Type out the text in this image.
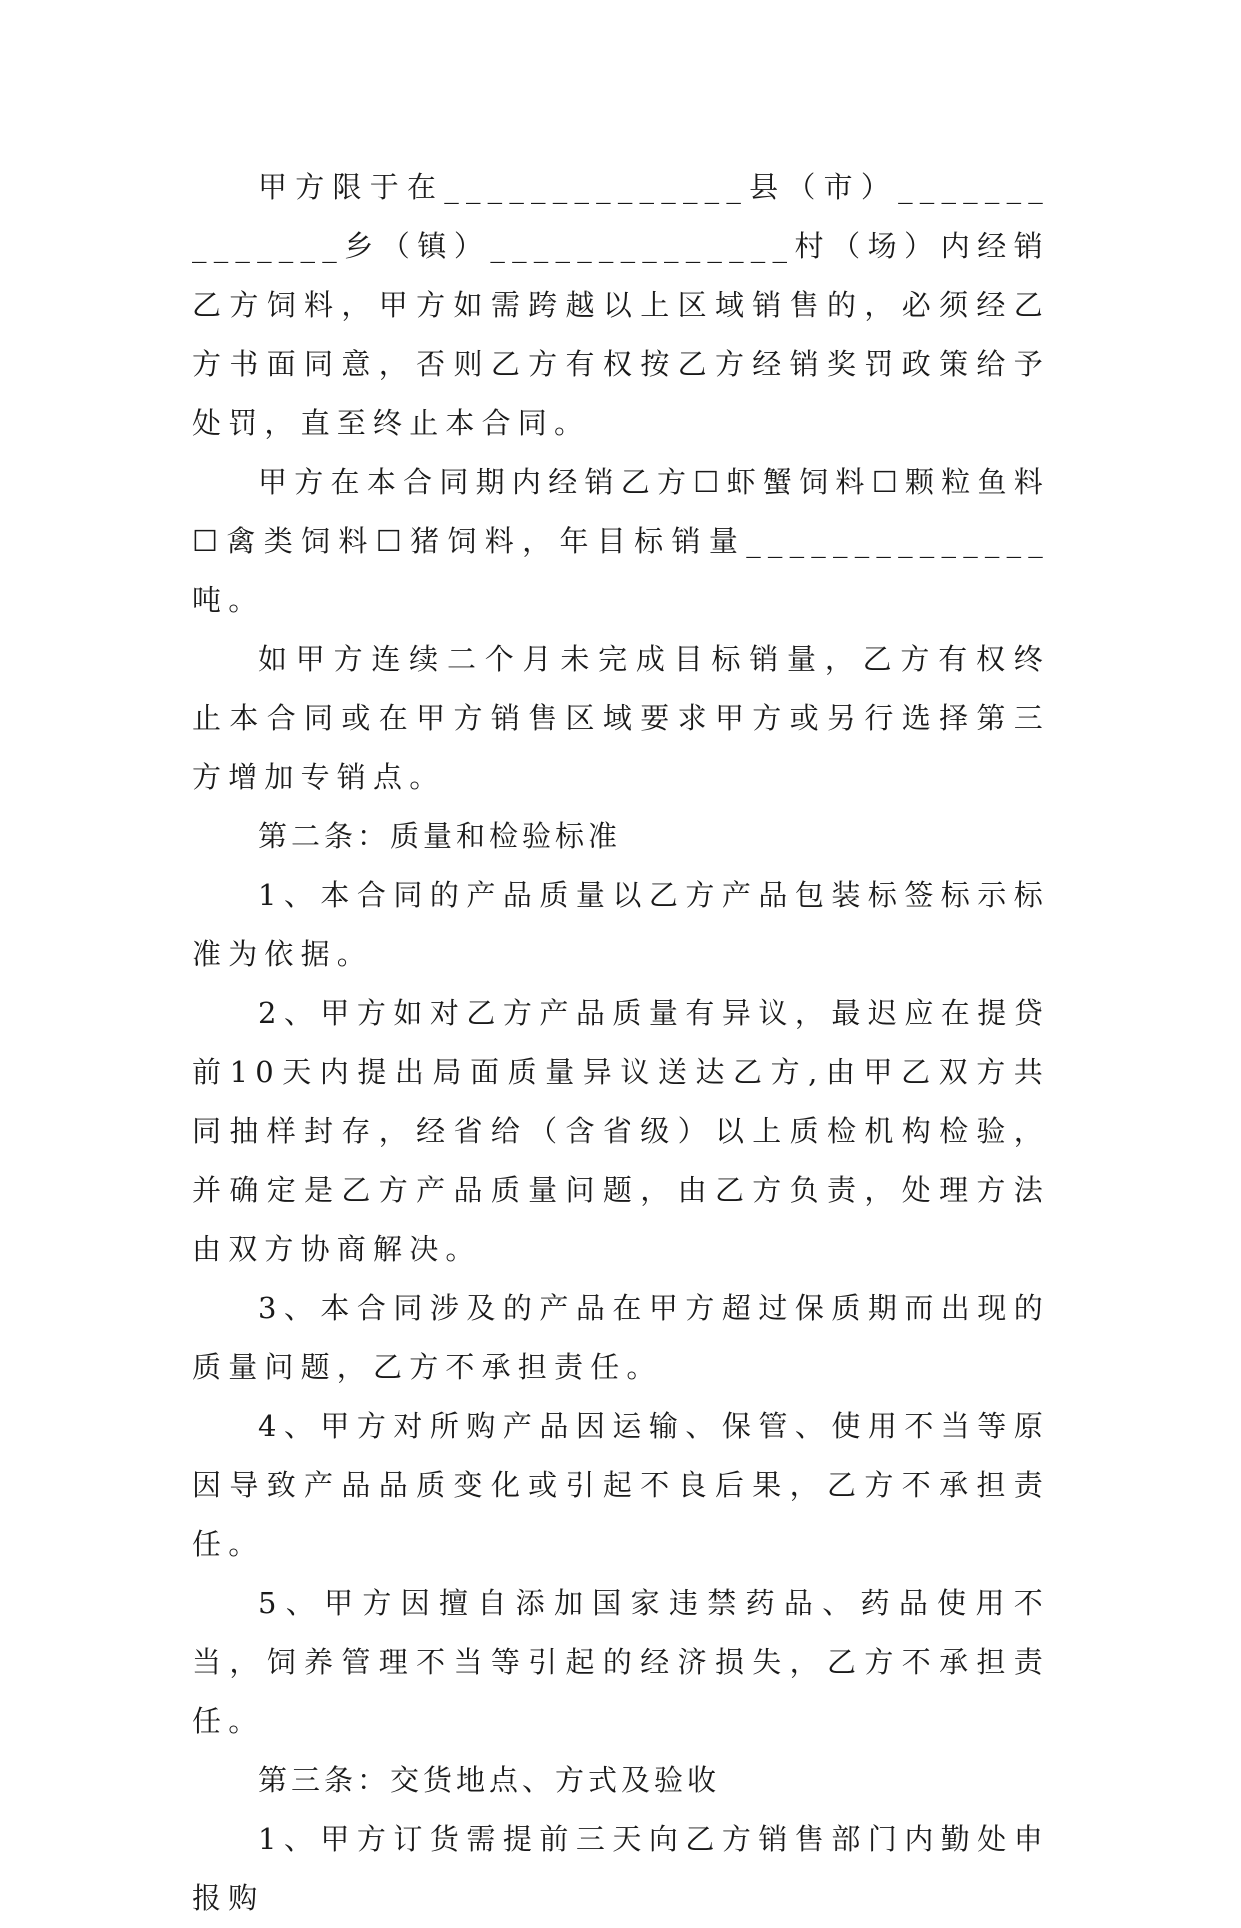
甲方限于在______________县（市）______________乡（镇）______________村（场）内经销乙方饲料，甲方如需跨越以上区域销售的，必须经乙方书面同意，否则乙方有权按乙方经销奖罚政策给予处罚，直至终止本合同。

甲方在本合同期内经销乙方☐虾蟹饲料☐颗粒鱼料☐禽类饲料☐猪饲料，年目标销量______________吨。

如甲方连续二个月未完成目标销量，乙方有权终止本合同或在甲方销售区域要求甲方或另行选择第三方增加专销点。

第二条：质量和检验标准

1、本合同的产品质量以乙方产品包装标签标示标准为依据。

2、甲方如对乙方产品质量有异议，最迟应在提贷前10天内提出局面质量异议送达乙方,由甲乙双方共同抽样封存，经省给（含省级）以上质检机构检验，并确定是乙方产品质量问题，由乙方负责，处理方法由双方协商解决。

3、本合同涉及的产品在甲方超过保质期而出现的质量问题，乙方不承担责任。

4、甲方对所购产品因运输、保管、使用不当等原因导致产品品质变化或引起不良后果，乙方不承担责任。

5、甲方因擅自添加国家违禁药品、药品使用不当，饲养管理不当等引起的经济损失，乙方不承担责任。

第三条：交货地点、方式及验收

1、甲方订货需提前三天向乙方销售部门内勤处申报购
